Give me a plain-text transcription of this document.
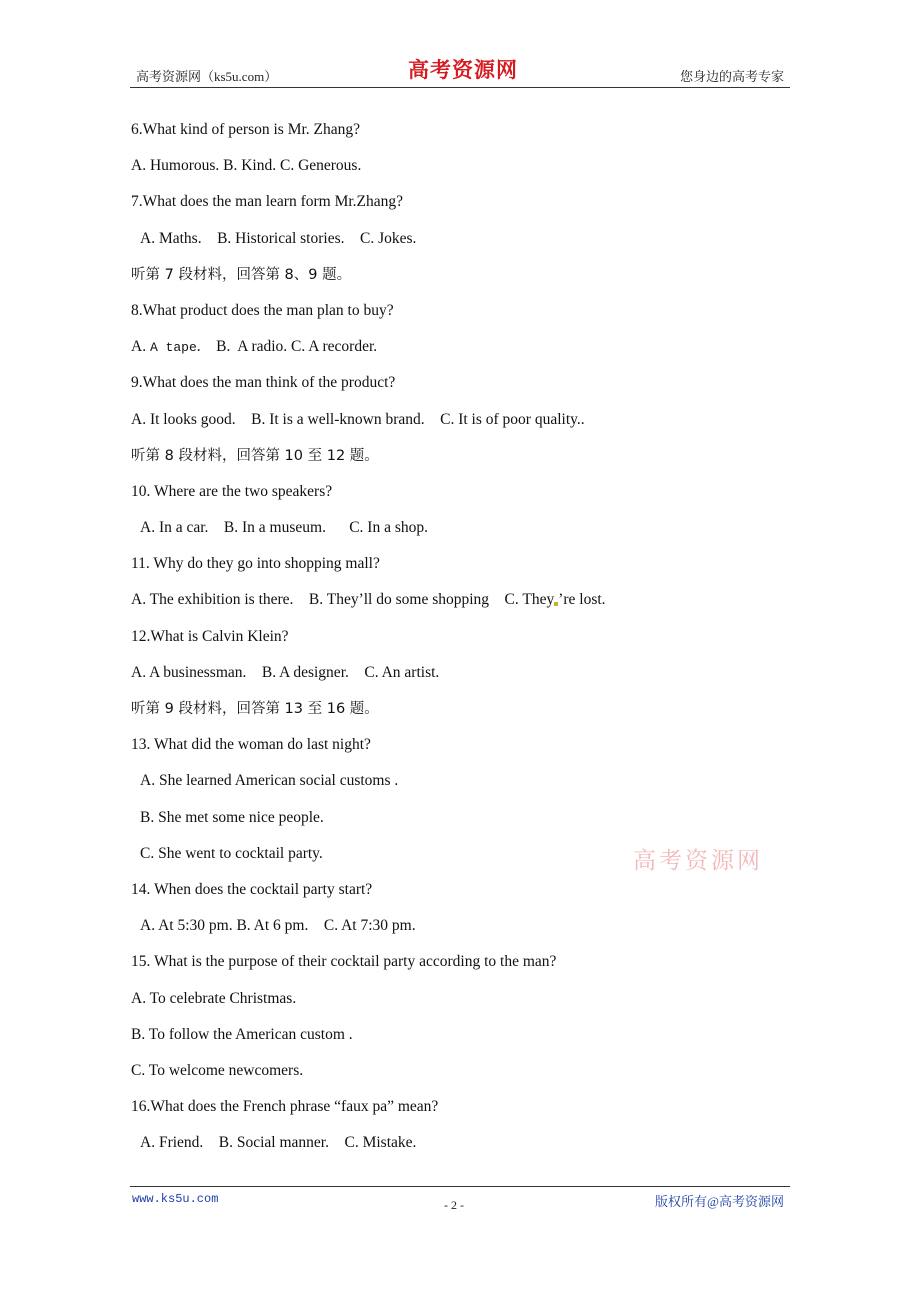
高考资源网（ks5u.com）	高考资源网	您身边的高考专家
6.What kind of person is Mr. Zhang?
A. Humorous. B. Kind. C. Generous.
7.What does the man learn form Mr.Zhang?
A. Maths.    B. Historical stories.    C. Jokes.
听第 7 段材料，回答第 8、9 题。
8.What product does the man plan to buy?
A. A tape.    B.  A radio. C. A recorder.
9.What does the man think of the product?
A. It looks good.    B. It is a well-known brand.    C. It is of poor quality..
听第 8 段材料，回答第 10 至 12 题。
10. Where are the two speakers?
A. In a car.    B. In a museum.      C. In a shop.
11. Why do they go into shopping mall?
A. The exhibition is there.    B. They’ll do some shopping    C. They ’re lost.
12.What is Calvin Klein?
A. A businessman.    B. A designer.    C. An artist.
听第 9 段材料，回答第 13 至 16 题。
13. What did the woman do last night?
A. She learned American social customs .
B. She met some nice people.
C. She went to cocktail party.
14. When does the cocktail party start?
A. At 5:30 pm. B. At 6 pm.    C. At 7:30 pm.
15. What is the purpose of their cocktail party according to the man?
A. To celebrate Christmas.
B. To follow the American custom .
C. To welcome newcomers.
16.What does the French phrase “faux pa” mean?
A. Friend.    B. Social manner.    C. Mistake.
高考资源网
www.ks5u.com	- 2 -	版权所有@高考资源网
